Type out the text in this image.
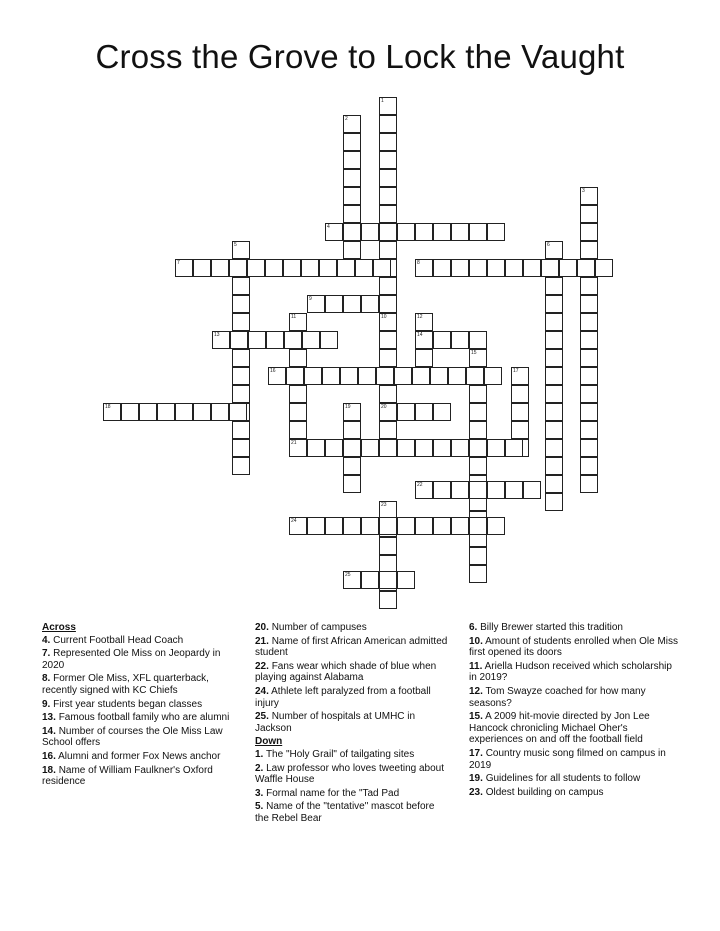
Cross the Grove to Lock the Vaught
1
2
3
5	6
10
20
11	12
14
15
17
19
23
4
7	8
9
13
16
18
21
22
24
25
Across
4. Current Football Head Coach
7. Represented Ole Miss on Jeopardy in 2020
8. Former Ole Miss, XFL quarterback, recently signed with KC Chiefs
9. First year students began classes
13. Famous football family who are alumni
14. Number of courses the Ole Miss Law School offers
16. Alumni and former Fox News anchor
18. Name of William Faulkner's Oxford residence
20. Number of campuses
21. Name of first African American admitted student
22. Fans wear which shade of blue when playing against Alabama
24. Athlete left paralyzed from a football injury
25. Number of hospitals at UMHC in Jackson
Down
1. The "Holy Grail" of tailgating sites
2. Law professor who loves tweeting about Waffle House
3. Formal name for the "Tad Pad
5. Name of the "tentative" mascot before the Rebel Bear
6. Billy Brewer started this tradition
10. Amount of students enrolled when Ole Miss first opened its doors
11. Ariella Hudson received which scholarship in 2019?
12. Tom Swayze coached for how many seasons?
15. A 2009 hit-movie directed by Jon Lee Hancock chronicling Michael Oher's experiences on and off the football field
17. Country music song filmed on campus in 2019
19. Guidelines for all students to follow
23. Oldest building on campus
